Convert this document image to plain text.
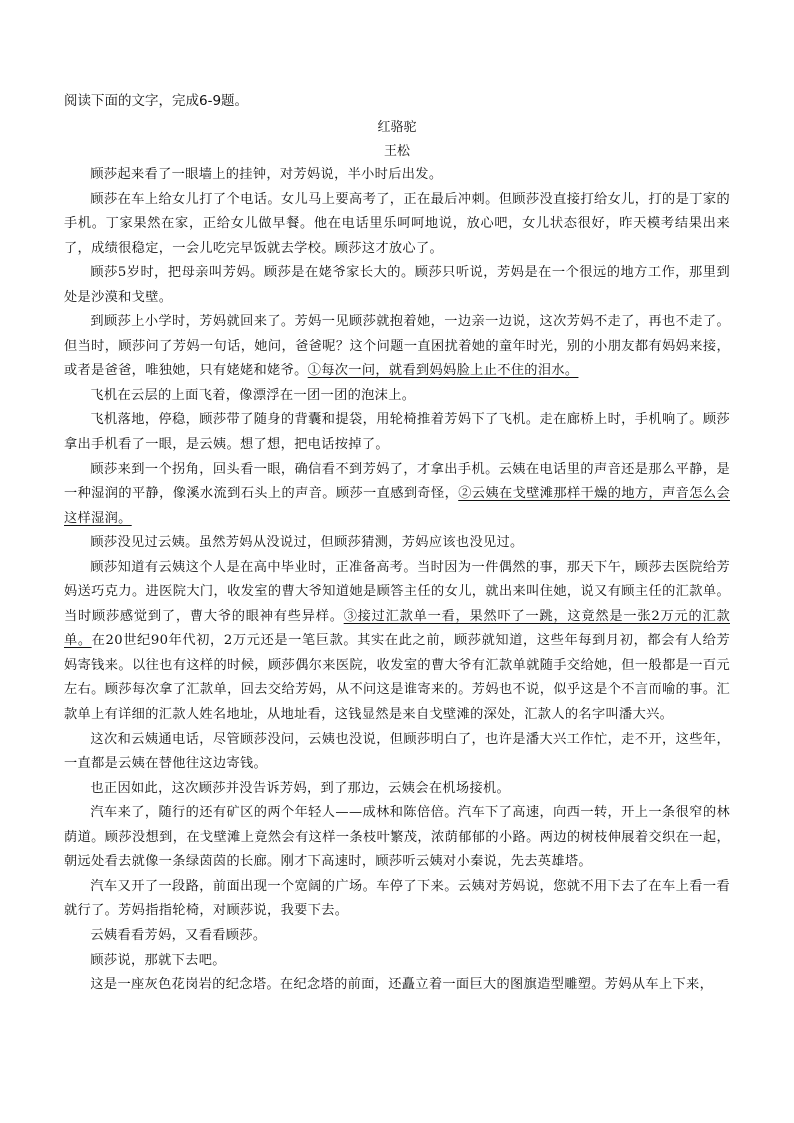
阅读下面的文字，完成6-9题。
红骆驼
王松

顾莎起来看了一眼墙上的挂钟，对芳妈说，半小时后出发。

顾莎在车上给女儿打了个电话。女儿马上要高考了，正在最后冲刺。但顾莎没直接打给女儿，打的是丁家的手机。丁家果然在家，正给女儿做早餐。他在电话里乐呵呵地说，放心吧，女儿状态很好，昨天模考结果出来了，成绩很稳定，一会儿吃完早饭就去学校。顾莎这才放心了。

顾莎5岁时，把母亲叫芳妈。顾莎是在姥爷家长大的。顾莎只听说，芳妈是在一个很远的地方工作，那里到处是沙漠和戈壁。

到顾莎上小学时，芳妈就回来了。芳妈一见顾莎就抱着她，一边亲一边说，这次芳妈不走了，再也不走了。但当时，顾莎问了芳妈一句话，她问，爸爸呢？这个问题一直困扰着她的童年时光，别的小朋友都有妈妈来接，或者是爸爸，唯独她，只有姥姥和姥爷。①每次一问，就看到妈妈脸上止不住的泪水。

飞机在云层的上面飞着，像漂浮在一团一团的泡沫上。

飞机落地，停稳，顾莎带了随身的背囊和提袋，用轮椅推着芳妈下了飞机。走在廊桥上时，手机响了。顾莎拿出手机看了一眼，是云姨。想了想，把电话按掉了。

顾莎来到一个拐角，回头看一眼，确信看不到芳妈了，才拿出手机。云姨在电话里的声音还是那么平静，是一种湿润的平静，像溪水流到石头上的声音。顾莎一直感到奇怪，②云姨在戈壁滩那样干燥的地方，声音怎么会这样湿润。

顾莎没见过云姨。虽然芳妈从没说过，但顾莎猜测，芳妈应该也没见过。

顾莎知道有云姨这个人是在高中毕业时，正准备高考。当时因为一件偶然的事，那天下午，顾莎去医院给芳妈送巧克力。进医院大门，收发室的曹大爷知道她是顾答主任的女儿，就出来叫住她，说又有顾主任的汇款单。当时顾莎感觉到了，曹大爷的眼神有些异样。③接过汇款单一看，果然吓了一跳，这竟然是一张2万元的汇款单。在20世纪90年代初，2万元还是一笔巨款。其实在此之前，顾莎就知道，这些年每到月初，都会有人给芳妈寄钱来。以往也有这样的时候，顾莎偶尔来医院，收发室的曹大爷有汇款单就随手交给她，但一般都是一百元左右。顾莎每次拿了汇款单，回去交给芳妈，从不问这是谁寄来的。芳妈也不说，似乎这是个不言而喻的事。汇款单上有详细的汇款人姓名地址，从地址看，这钱显然是来自戈壁滩的深处，汇款人的名字叫潘大兴。

这次和云姨通电话，尽管顾莎没问，云姨也没说，但顾莎明白了，也许是潘大兴工作忙，走不开，这些年，一直都是云姨在替他往这边寄钱。

也正因如此，这次顾莎并没告诉芳妈，到了那边，云姨会在机场接机。

汽车来了，随行的还有矿区的两个年轻人——成林和陈倍倍。汽车下了高速，向西一转，开上一条很窄的林荫道。顾莎没想到，在戈壁滩上竟然会有这样一条枝叶繁茂，浓荫郁郁的小路。两边的树枝伸展着交织在一起，朝远处看去就像一条绿茵茵的长廊。刚才下高速时，顾莎听云姨对小秦说，先去英雄塔。

汽车又开了一段路，前面出现一个宽阔的广场。车停了下来。云姨对芳妈说，您就不用下去了在车上看一看就行了。芳妈指指轮椅，对顾莎说，我要下去。

云姨看看芳妈，又看看顾莎。

顾莎说，那就下去吧。

这是一座灰色花岗岩的纪念塔。在纪念塔的前面，还矗立着一面巨大的图旗造型雕塑。芳妈从车上下来，
